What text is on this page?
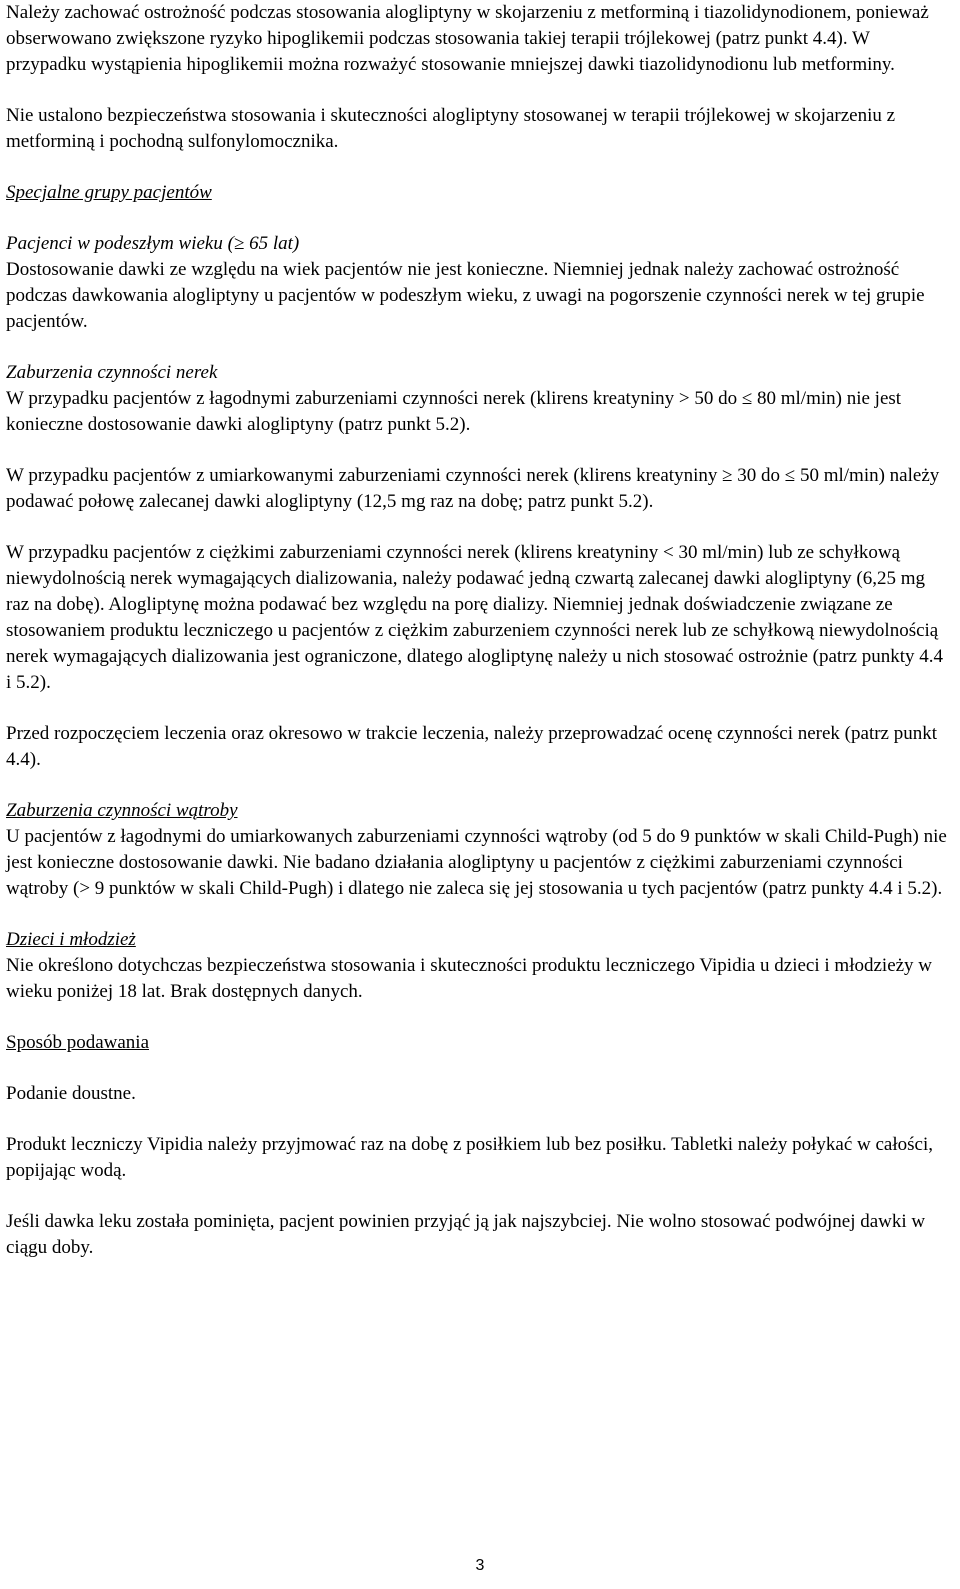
Należy zachować ostrożność podczas stosowania alogliptyny w skojarzeniu z metforminą i tiazolidynodionem, ponieważ obserwowano zwiększone ryzyko hipoglikemii podczas stosowania takiej terapii trójlekowej (patrz punkt 4.4). W przypadku wystąpienia hipoglikemii można rozważyć stosowanie mniejszej dawki tiazolidynodionu lub metforminy.

Nie ustalono bezpieczeństwa stosowania i skuteczności alogliptyny stosowanej w terapii trójlekowej w skojarzeniu z metforminą i pochodną sulfonylomocznika.

Specjalne grupy pacjentów

Pacjenci w podeszłym wieku (≥ 65 lat)

Dostosowanie dawki ze względu na wiek pacjentów nie jest konieczne. Niemniej jednak należy zachować ostrożność podczas dawkowania alogliptyny u pacjentów w podeszłym wieku, z uwagi na pogorszenie czynności nerek w tej grupie pacjentów.

Zaburzenia czynności nerek

W przypadku pacjentów z łagodnymi zaburzeniami czynności nerek (klirens kreatyniny > 50 do ≤ 80 ml/min) nie jest konieczne dostosowanie dawki alogliptyny (patrz punkt 5.2).

W przypadku pacjentów z umiarkowanymi zaburzeniami czynności nerek (klirens kreatyniny ≥ 30 do ≤ 50 ml/min) należy podawać połowę zalecanej dawki alogliptyny (12,5 mg raz na dobę; patrz punkt 5.2).

W przypadku pacjentów z ciężkimi zaburzeniami czynności nerek (klirens kreatyniny < 30 ml/min) lub ze schyłkową niewydolnością nerek wymagających dializowania, należy podawać jedną czwartą zalecanej dawki alogliptyny (6,25 mg raz na dobę). Alogliptynę można podawać bez względu na porę dializy. Niemniej jednak doświadczenie związane ze stosowaniem produktu leczniczego u pacjentów z ciężkim zaburzeniem czynności nerek lub ze schyłkową niewydolnością nerek wymagających dializowania jest ograniczone, dlatego alogliptynę należy u nich stosować ostrożnie (patrz punkty 4.4 i 5.2).

Przed rozpoczęciem leczenia oraz okresowo w trakcie leczenia, należy przeprowadzać ocenę czynności nerek (patrz punkt 4.4).

Zaburzenia czynności wątroby

U pacjentów z łagodnymi do umiarkowanych zaburzeniami czynności wątroby (od 5 do 9 punktów w skali Child-Pugh) nie jest konieczne dostosowanie dawki. Nie badano działania alogliptyny u pacjentów z ciężkimi zaburzeniami czynności wątroby (> 9 punktów w skali Child-Pugh) i dlatego nie zaleca się jej stosowania u tych pacjentów (patrz punkty 4.4 i 5.2).

Dzieci i młodzież

Nie określono dotychczas bezpieczeństwa stosowania i skuteczności produktu leczniczego Vipidia u dzieci i młodzieży w wieku poniżej 18 lat. Brak dostępnych danych.

Sposób podawania

Podanie doustne.

Produkt leczniczy Vipidia należy przyjmować raz na dobę z posiłkiem lub bez posiłku. Tabletki należy połykać w całości, popijając wodą.

Jeśli dawka leku została pominięta, pacjent powinien przyjąć ją jak najszybciej. Nie wolno stosować podwójnej dawki w ciągu doby.

3
